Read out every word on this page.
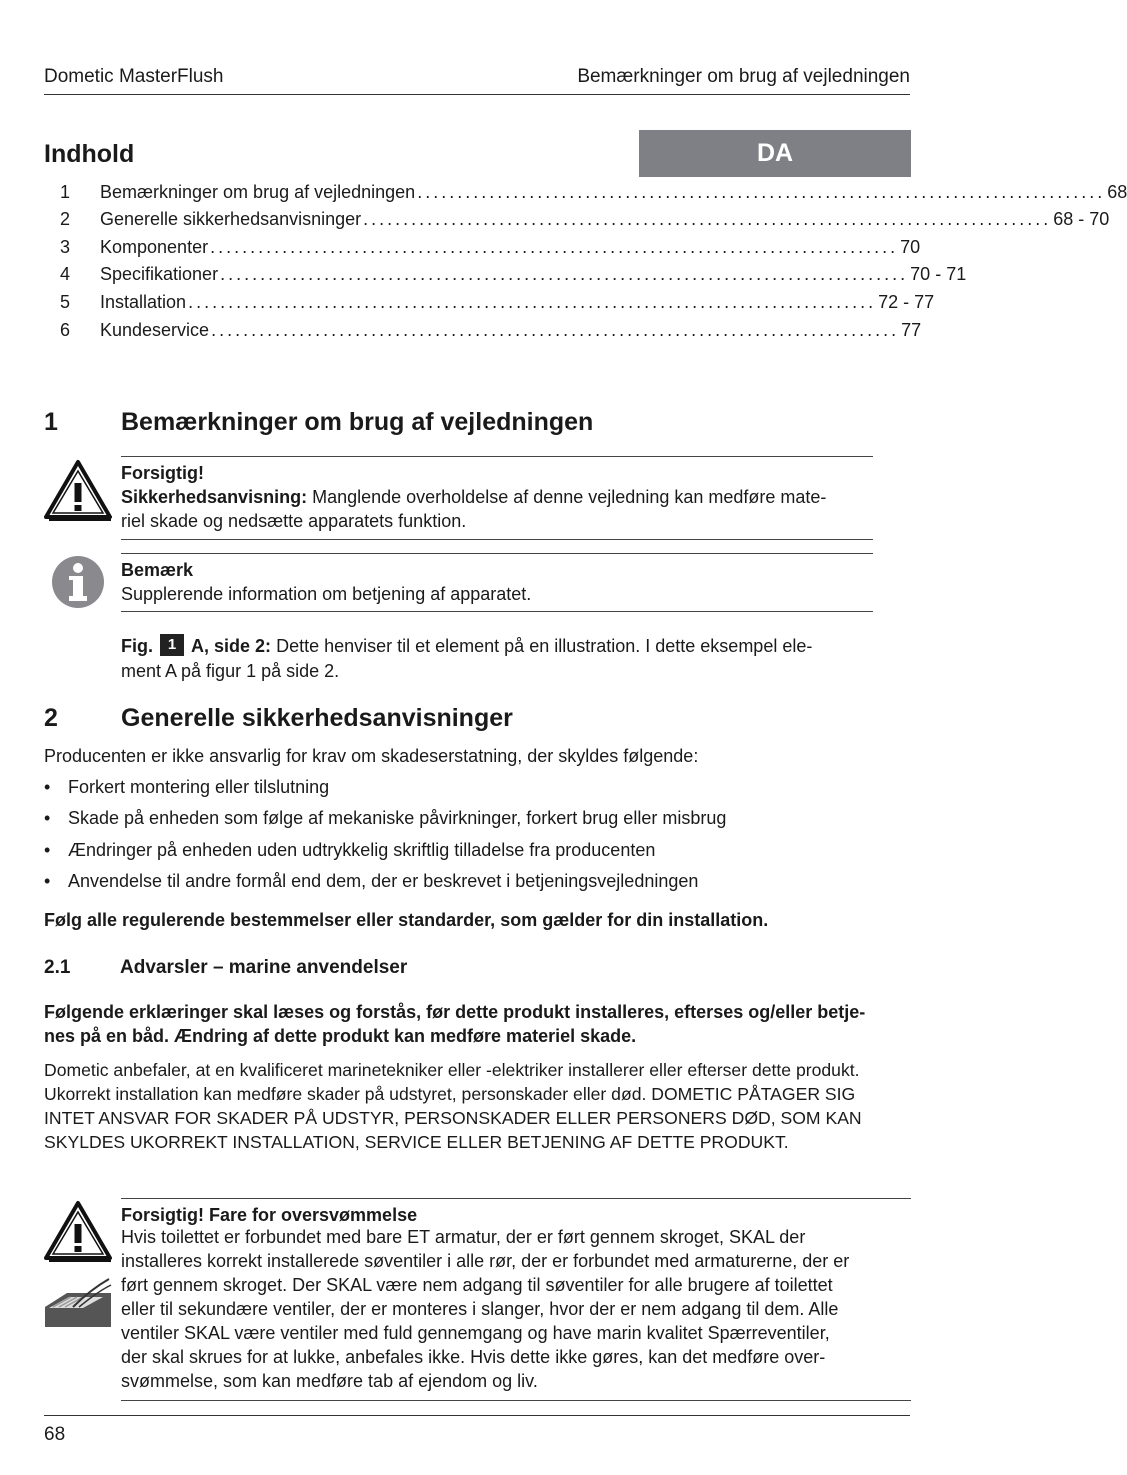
Dometic MasterFlush	Bemærkninger om brug af vejledningen
Indhold	DA
1	Bemærkninger om brug af vejledningen ...................................................................................... 68
2	Generelle sikkerhedsanvisninger ...................................................................................... 68 - 70
3	Komponenter ...................................................................................... 70
4	Specifikationer ...................................................................................... 70 - 71
5	Installation ...................................................................................... 72 - 77
6	Kundeservice ...................................................................................... 77
1	Bemærkninger om brug af vejledningen
Forsigtig!
Sikkerhedsanvisning: Manglende overholdelse af denne vejledning kan medføre mate-
riel skade og nedsætte apparatets funktion.
Bemærk
Supplerende information om betjening af apparatet.
Fig. 1 A, side 2: Dette henviser til et element på en illustration. I dette eksempel ele-
ment A på figur 1 på side 2.
2	Generelle sikkerhedsanvisninger
Producenten er ikke ansvarlig for krav om skadeserstatning, der skyldes følgende:
• Forkert montering eller tilslutning
• Skade på enheden som følge af mekaniske påvirkninger, forkert brug eller misbrug
• Ændringer på enheden uden udtrykkelig skriftlig tilladelse fra producenten
• Anvendelse til andre formål end dem, der er beskrevet i betjeningsvejledningen
Følg alle regulerende bestemmelser eller standarder, som gælder for din installation.
2.1	Advarsler – marine anvendelser
Følgende erklæringer skal læses og forstås, før dette produkt installeres, efterses og/eller betje-
nes på en båd. Ændring af dette produkt kan medføre materiel skade.
Dometic anbefaler, at en kvalificeret marinetekniker eller -elektriker installerer eller efterser dette produkt.
Ukorrekt installation kan medføre skader på udstyret, personskader eller død. DOMETIC PÅTAGER SIG
INTET ANSVAR FOR SKADER PÅ UDSTYR, PERSONSKADER ELLER PERSONERS DØD, SOM KAN
SKYLDES UKORREKT INSTALLATION, SERVICE ELLER BETJENING AF DETTE PRODUKT.
Forsigtig! Fare for oversvømmelse
Hvis toilettet er forbundet med bare ET armatur, der er ført gennem skroget, SKAL der
installeres korrekt installerede søventiler i alle rør, der er forbundet med armaturerne, der er
ført gennem skroget. Der SKAL være nem adgang til søventiler for alle brugere af toilettet
eller til sekundære ventiler, der er monteres i slanger, hvor der er nem adgang til dem. Alle
ventiler SKAL være ventiler med fuld gennemgang og have marin kvalitet Spærreventiler,
der skal skrues for at lukke, anbefales ikke. Hvis dette ikke gøres, kan det medføre over-
svømmelse, som kan medføre tab af ejendom og liv.
68
